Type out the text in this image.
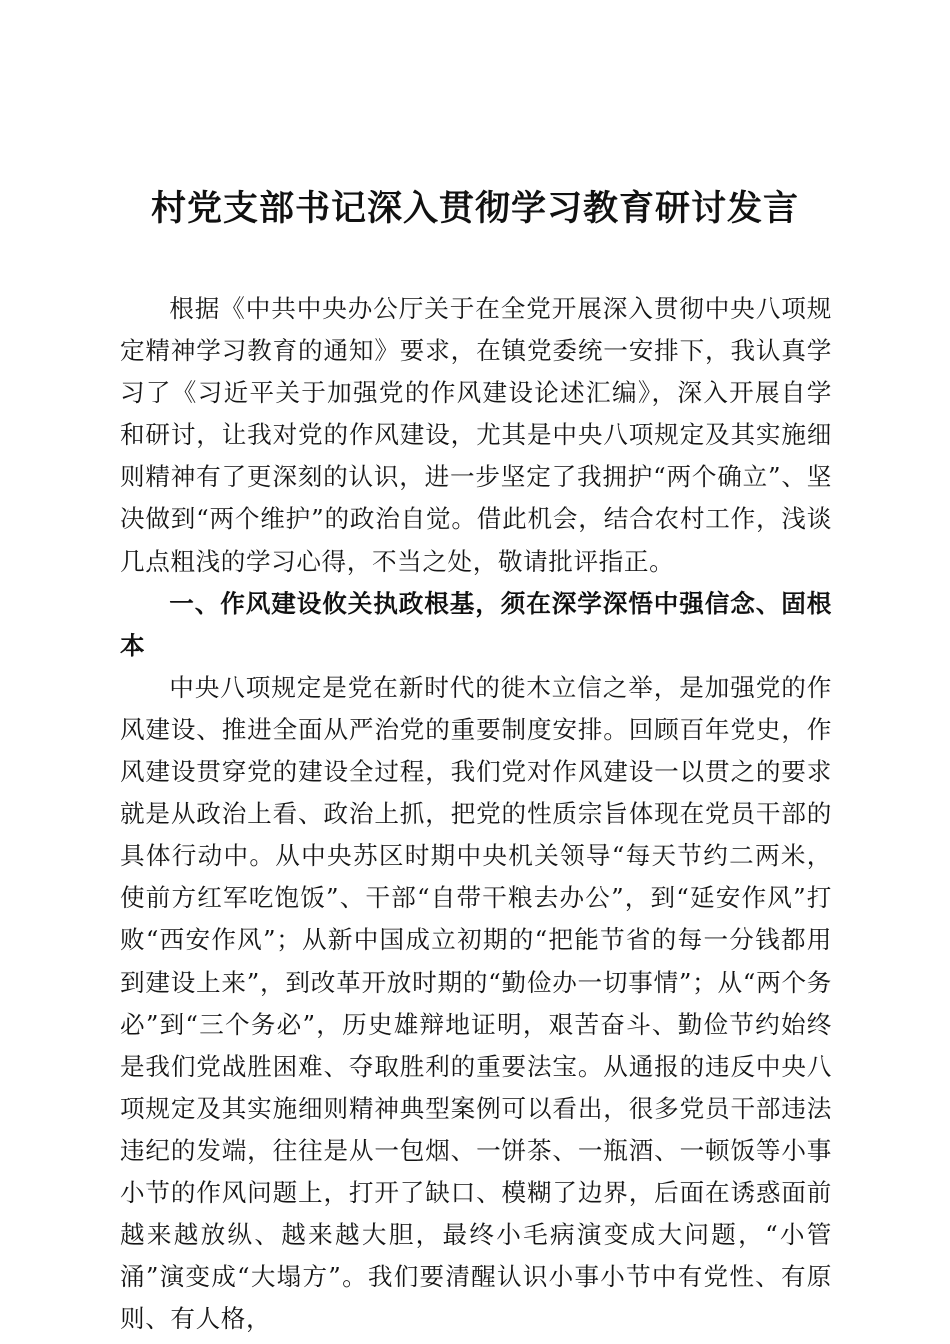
村党支部书记深入贯彻学习教育研讨发言

根据《中共中央办公厅关于在全党开展深入贯彻中央八项规定精神学习教育的通知》要求，在镇党委统一安排下，我认真学习了《习近平关于加强党的作风建设论述汇编》，深入开展自学和研讨，让我对党的作风建设，尤其是中央八项规定及其实施细则精神有了更深刻的认识，进一步坚定了我拥护“两个确立”、坚决做到“两个维护”的政治自觉。借此机会，结合农村工作，浅谈几点粗浅的学习心得，不当之处，敬请批评指正。

一、作风建设攸关执政根基，须在深学深悟中强信念、固根本

中央八项规定是党在新时代的徙木立信之举，是加强党的作风建设、推进全面从严治党的重要制度安排。回顾百年党史，作风建设贯穿党的建设全过程，我们党对作风建设一以贯之的要求就是从政治上看、政治上抓，把党的性质宗旨体现在党员干部的具体行动中。从中央苏区时期中央机关领导“每天节约二两米，使前方红军吃饱饭”、干部“自带干粮去办公”，到“延安作风”打败“西安作风”；从新中国成立初期的“把能节省的每一分钱都用到建设上来”，到改革开放时期的“勤俭办一切事情”；从“两个务必”到“三个务必”，历史雄辩地证明，艰苦奋斗、勤俭节约始终是我们党战胜困难、夺取胜利的重要法宝。从通报的违反中央八项规定及其实施细则精神典型案例可以看出，很多党员干部违法违纪的发端，往往是从一包烟、一饼茶、一瓶酒、一顿饭等小事小节的作风问题上，打开了缺口、模糊了边界，后面在诱惑面前越来越放纵、越来越大胆，最终小毛病演变成大问题，“小管涌”演变成“大塌方”。我们要清醒认识小事小节中有党性、有原则、有人格，
